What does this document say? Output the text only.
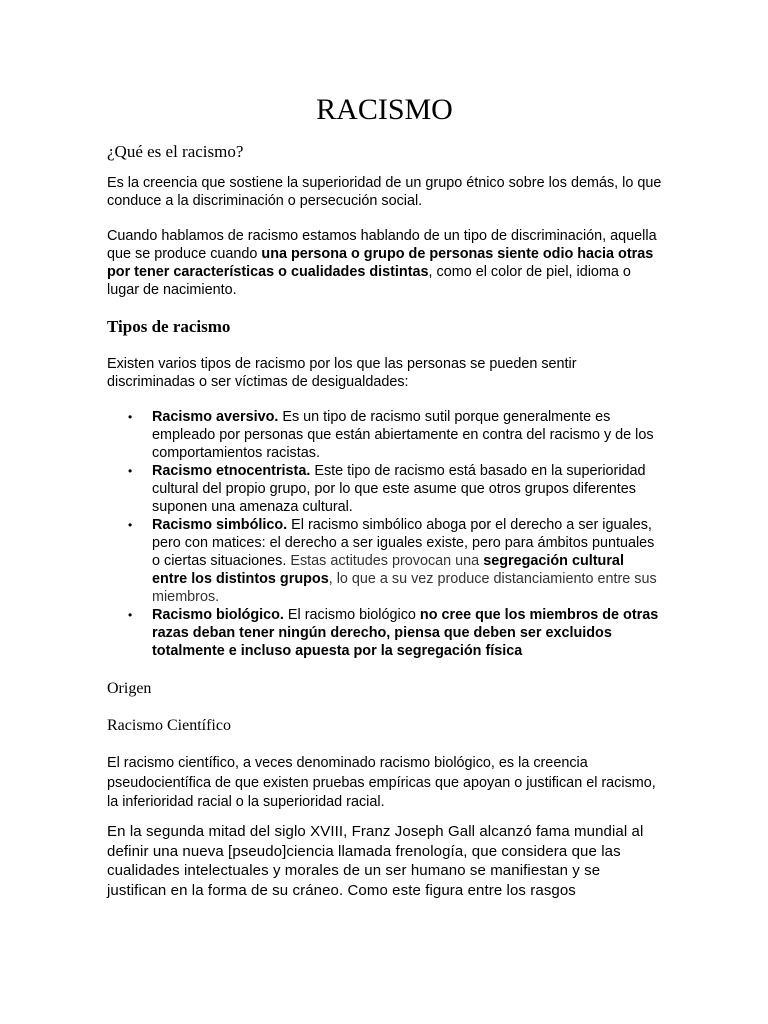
RACISMO
¿Qué es el racismo?
Es la creencia que sostiene la superioridad de un grupo étnico sobre los demás, lo que conduce a la discriminación o persecución social.
Cuando hablamos de racismo estamos hablando de un tipo de discriminación, aquella que se produce cuando una persona o grupo de personas siente odio hacia otras por tener características o cualidades distintas, como el color de piel, idioma o lugar de nacimiento.
Tipos de racismo
Existen varios tipos de racismo por los que las personas se pueden sentir discriminadas o ser víctimas de desigualdades:
• Racismo aversivo. Es un tipo de racismo sutil porque generalmente es empleado por personas que están abiertamente en contra del racismo y de los comportamientos racistas.
• Racismo etnocentrista. Este tipo de racismo está basado en la superioridad cultural del propio grupo, por lo que este asume que otros grupos diferentes suponen una amenaza cultural.
• Racismo simbólico. El racismo simbólico aboga por el derecho a ser iguales, pero con matices: el derecho a ser iguales existe, pero para ámbitos puntuales o ciertas situaciones. Estas actitudes provocan una segregación cultural entre los distintos grupos, lo que a su vez produce distanciamiento entre sus miembros.
• Racismo biológico. El racismo biológico no cree que los miembros de otras razas deban tener ningún derecho, piensa que deben ser excluidos totalmente e incluso apuesta por la segregación física
Origen
Racismo Científico
El racismo científico, a veces denominado racismo biológico, es la creencia pseudocientífica de que existen pruebas empíricas que apoyan o justifican el racismo, la inferioridad racial o la superioridad racial.
En la segunda mitad del siglo XVIII, Franz Joseph Gall alcanzó fama mundial al definir una nueva [pseudo]ciencia llamada frenología, que considera que las cualidades intelectuales y morales de un ser humano se manifiestan y se justifican en la forma de su cráneo. Como este figura entre los rasgos
